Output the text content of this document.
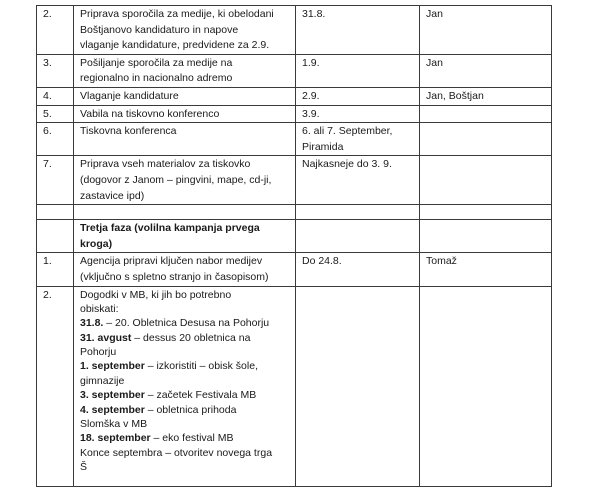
2.	Priprava sporočila za medije, ki obelodani
Boštjanovo kandidaturo in napove
vlaganje kandidature, predvidene za 2.9.	31.8.	Jan

3.	Pošiljanje sporočila za medije na
regionalno in nacionalno adremo	1.9.	Jan

4.	Vlaganje kandidature	2.9.	Jan, Boštjan

5.	Vabila na tiskovno konferenco	3.9.	

6.	Tiskovna konferenca	6. ali 7. September,
Piramida	

7.	Priprava vseh materialov za tiskovko
(dogovor z Janom – pingvini, mape, cd-ji,
zastavice ipd)	Najkasneje do 3. 9.	

	Tretja faza (volilna kampanja prvega
kroga)		

1.	Agencija pripravi ključen nabor medijev
(vključno s spletno stranjo in časopisom)	Do 24.8.	Tomaž

2.	Dogodki v MB, ki jih bo potrebno
obiskati:
31.8. – 20. Obletnica Desusa na Pohorju
31. avgust – dessus 20 obletnica na
Pohorju
1. september – izkoristiti – obisk šole,
gimnazije
3. september – začetek Festivala MB
4. september – obletnica prihoda
Slomška v MB
18. september – eko festival MB
Konce septembra – otvoritev novega trga
Š
